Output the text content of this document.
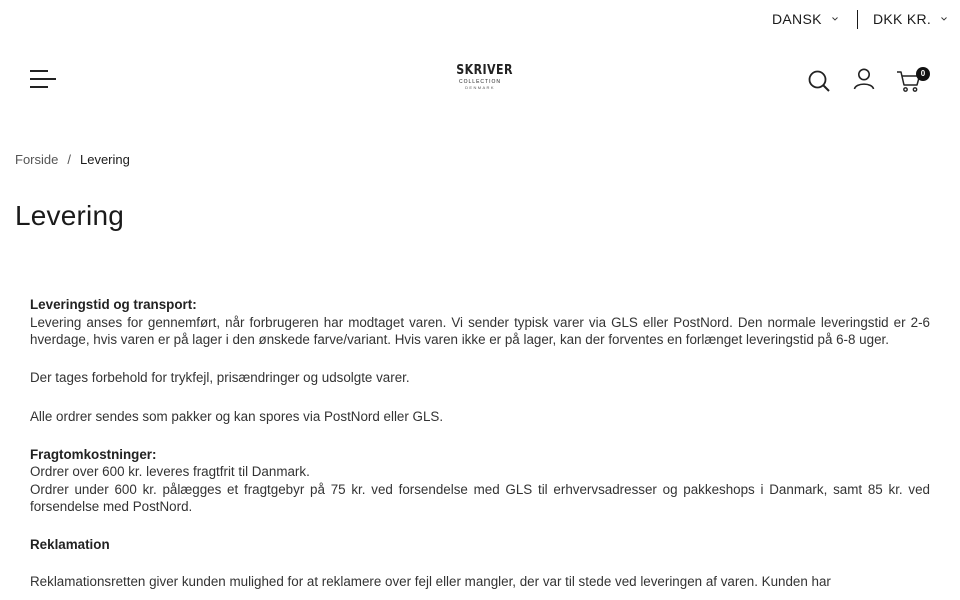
DANSK	DKK KR.
SKRIVER
COLLECTION
DENMARK
0
Forside / Levering
Levering

Leveringstid og transport:

Levering anses for gennemført, når forbrugeren har modtaget varen. Vi sender typisk varer via GLS eller PostNord. Den normale leveringstid er 2-6 hverdage, hvis varen er på lager i den ønskede farve/variant. Hvis varen ikke er på lager, kan der forventes en forlænget leveringstid på 6-8 uger.

Der tages forbehold for trykfejl, prisændringer og udsolgte varer.

Alle ordrer sendes som pakker og kan spores via PostNord eller GLS.

Fragtomkostninger:

Ordrer over 600 kr. leveres fragtfrit til Danmark.

Ordrer under 600 kr. pålægges et fragtgebyr på 75 kr. ved forsendelse med GLS til erhvervsadresser og pakkeshops i Danmark, samt 85 kr. ved forsendelse med PostNord.

Reklamation

Reklamationsretten giver kunden mulighed for at reklamere over fejl eller mangler, der var til stede ved leveringen af varen. Kunden har
